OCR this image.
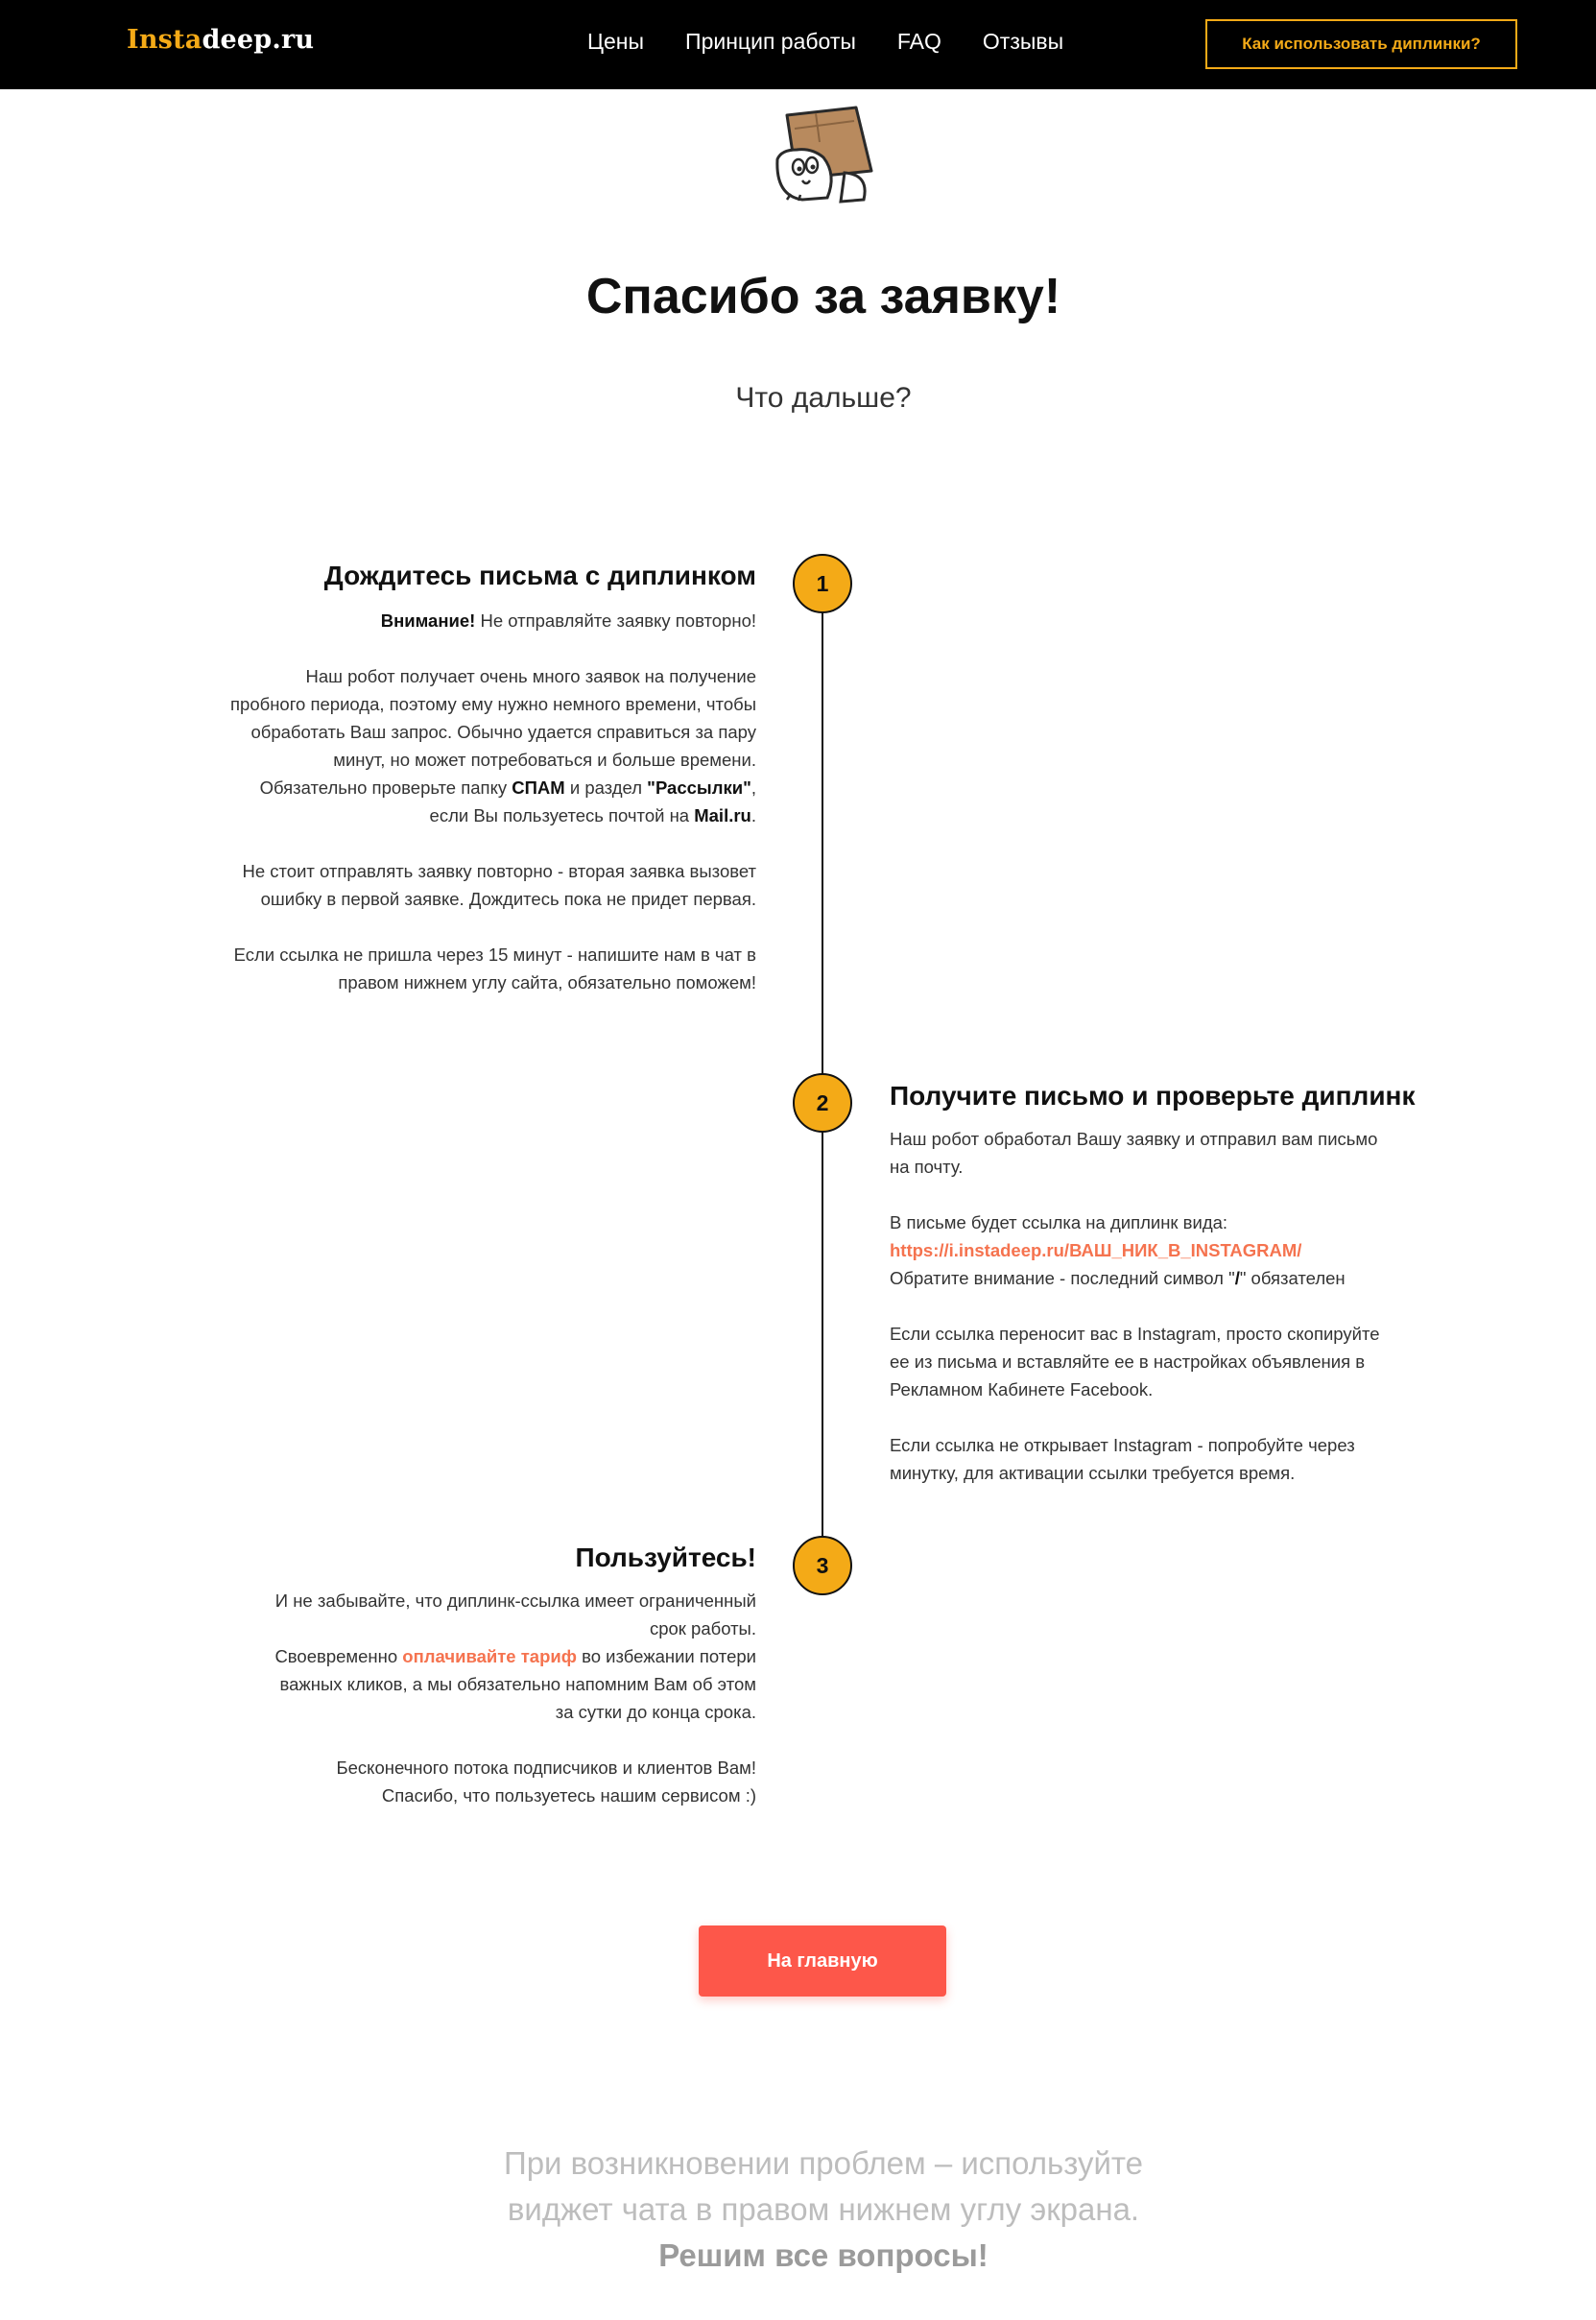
Instadeep.ru	Цены Принцип работы FAQ Отзывы	Как использовать диплинки?
Спасибо за заявку!
Что дальше?
1
2
3
Дождитесь письма с диплинком

Внимание! Не отправляйте заявку повторно!

Наш робот получает очень много заявок на получение пробного периода, поэтому ему нужно немного времени, чтобы обработать Ваш запрос. Обычно удается справиться за пару минут, но может потребоваться и больше времени. Обязательно проверьте папку СПАМ и раздел "Рассылки", если Вы пользуетесь почтой на Mail.ru.

Не стоит отправлять заявку повторно - вторая заявка вызовет ошибку в первой заявке. Дождитесь пока не придет первая.

Если ссылка не пришла через 15 минут - напишите нам в чат в правом нижнем углу сайта, обязательно поможем!

Получите письмо и проверьте диплинк

Наш робот обработал Вашу заявку и отправил вам письмо на почту.

В письме будет ссылка на диплинк вида:
https://i.instadeep.ru/ВАШ_НИК_В_INSTAGRAM/
Обратите внимание - последний символ "/" обязателен

Если ссылка переносит вас в Instagram, просто скопируйте ее из письма и вставляйте ее в настройках объявления в Рекламном Кабинете Facebook.

Если ссылка не открывает Instagram - попробуйте через минутку, для активации ссылки требуется время.

Пользуйтесь!

И не забывайте, что диплинк-ссылка имеет ограниченный срок работы.

Своевременно оплачивайте тариф во избежании потери важных кликов, а мы обязательно напомним Вам об этом за сутки до конца срока.

Бесконечного потока подписчиков и клиентов Вам!
Спасибо, что пользуетесь нашим сервисом :)

На главную
При возникновении проблем – используйте
виджет чата в правом нижнем углу экрана.
Решим все вопросы!
